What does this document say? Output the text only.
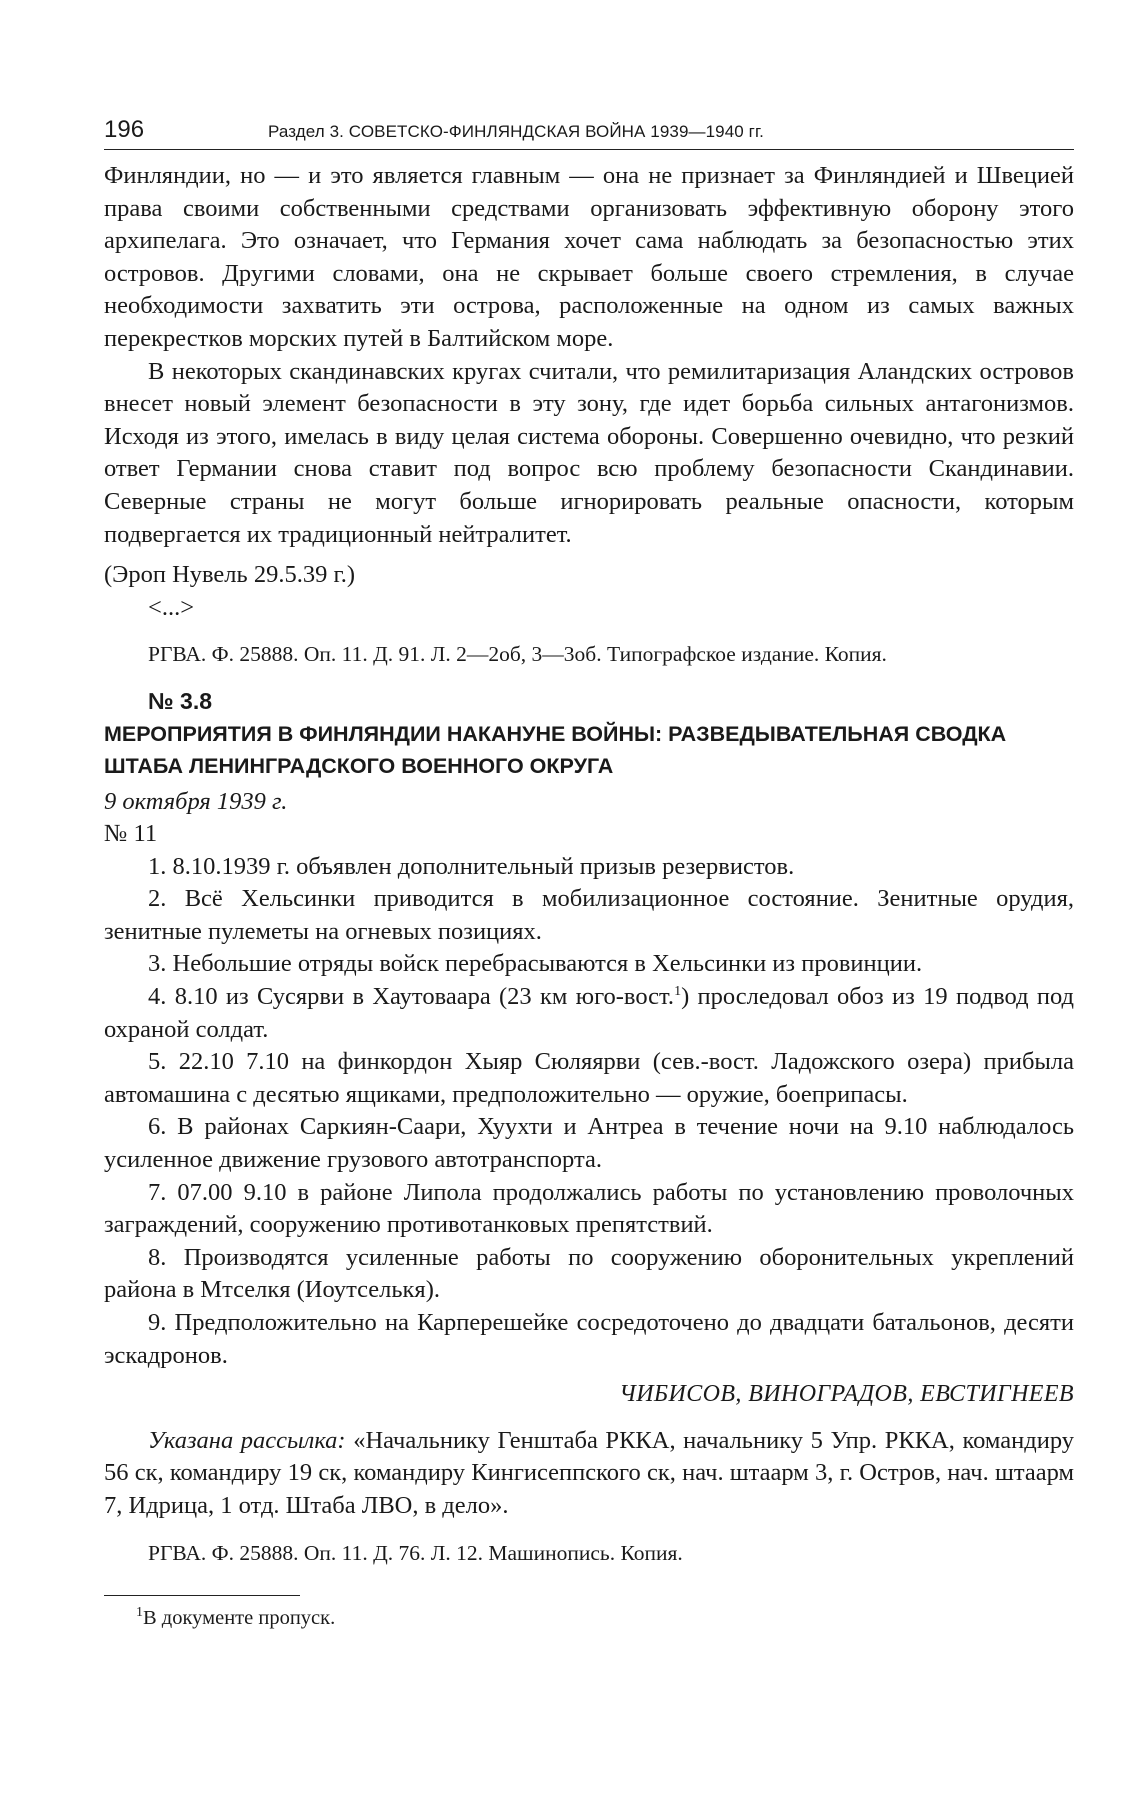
196	Раздел 3. СОВЕТСКО-ФИНЛЯНДСКАЯ ВОЙНА 1939—1940 гг.

Финляндии, но — и это является главным — она не признает за Финляндией и Швецией права своими собственными средствами организовать эффективную оборону этого архипелага. Это означает, что Германия хочет сама наблюдать за безопасностью этих островов. Другими словами, она не скрывает больше своего стремления, в случае необходимости захватить эти острова, расположенные на одном из самых важных перекрестков морских путей в Балтийском море.

В некоторых скандинавских кругах считали, что ремилитаризация Аландских островов внесет новый элемент безопасности в эту зону, где идет борьба сильных антагонизмов. Исходя из этого, имелась в виду целая система обороны. Совершенно очевидно, что резкий ответ Германии снова ставит под вопрос всю проблему безопасности Скандинавии. Северные страны не могут больше игнорировать реальные опасности, которым подвергается их традиционный нейтралитет.

(Эроп Нувель 29.5.39 г.)

<...>

РГВА. Ф. 25888. Оп. 11. Д. 91. Л. 2—2об, 3—3об. Типографское издание. Копия.

№ 3.8

МЕРОПРИЯТИЯ В ФИНЛЯНДИИ НАКАНУНЕ ВОЙНЫ: РАЗВЕДЫВАТЕЛЬНАЯ СВОДКА ШТАБА ЛЕНИНГРАДСКОГО ВОЕННОГО ОКРУГА

9 октября 1939 г.

№ 11

1. 8.10.1939 г. объявлен дополнительный призыв резервистов.

2. Всё Хельсинки приводится в мобилизационное состояние. Зенитные орудия, зенитные пулеметы на огневых позициях.

3. Небольшие отряды войск перебрасываются в Хельсинки из провинции.

4. 8.10 из Сусярви в Хаутоваара (23 км юго-вост.$^1$) проследовал обоз из 19 подвод под охраной солдат.

5. 22.10 7.10 на финкордон Хыяр Сюляярви (сев.-вост. Ладожского озера) прибыла автомашина с десятью ящиками, предположительно — оружие, боеприпасы.

6. В районах Саркиян-Саари, Хуухти и Антреа в течение ночи на 9.10 наблюдалось усиленное движение грузового автотранспорта.

7. 07.00 9.10 в районе Липола продолжались работы по установлению проволочных заграждений, сооружению противотанковых препятствий.

8. Производятся усиленные работы по сооружению оборонительных укреплений района в Мтселкя (Иоутселькя).

9. Предположительно на Карперешейке сосредоточено до двадцати батальонов, десяти эскадронов.

ЧИБИСОВ, ВИНОГРАДОВ, ЕВСТИГНЕЕВ

Указана рассылка: «Начальнику Генштаба РККА, начальнику 5 Упр. РККА, командиру 56 ск, командиру 19 ск, командиру Кингисеппского ск, нач. штаарм 3, г. Остров, нач. штаарм 7, Идрица, 1 отд. Штаба ЛВО, в дело».

РГВА. Ф. 25888. Оп. 11. Д. 76. Л. 12. Машинопись. Копия.

$^1$В документе пропуск.
